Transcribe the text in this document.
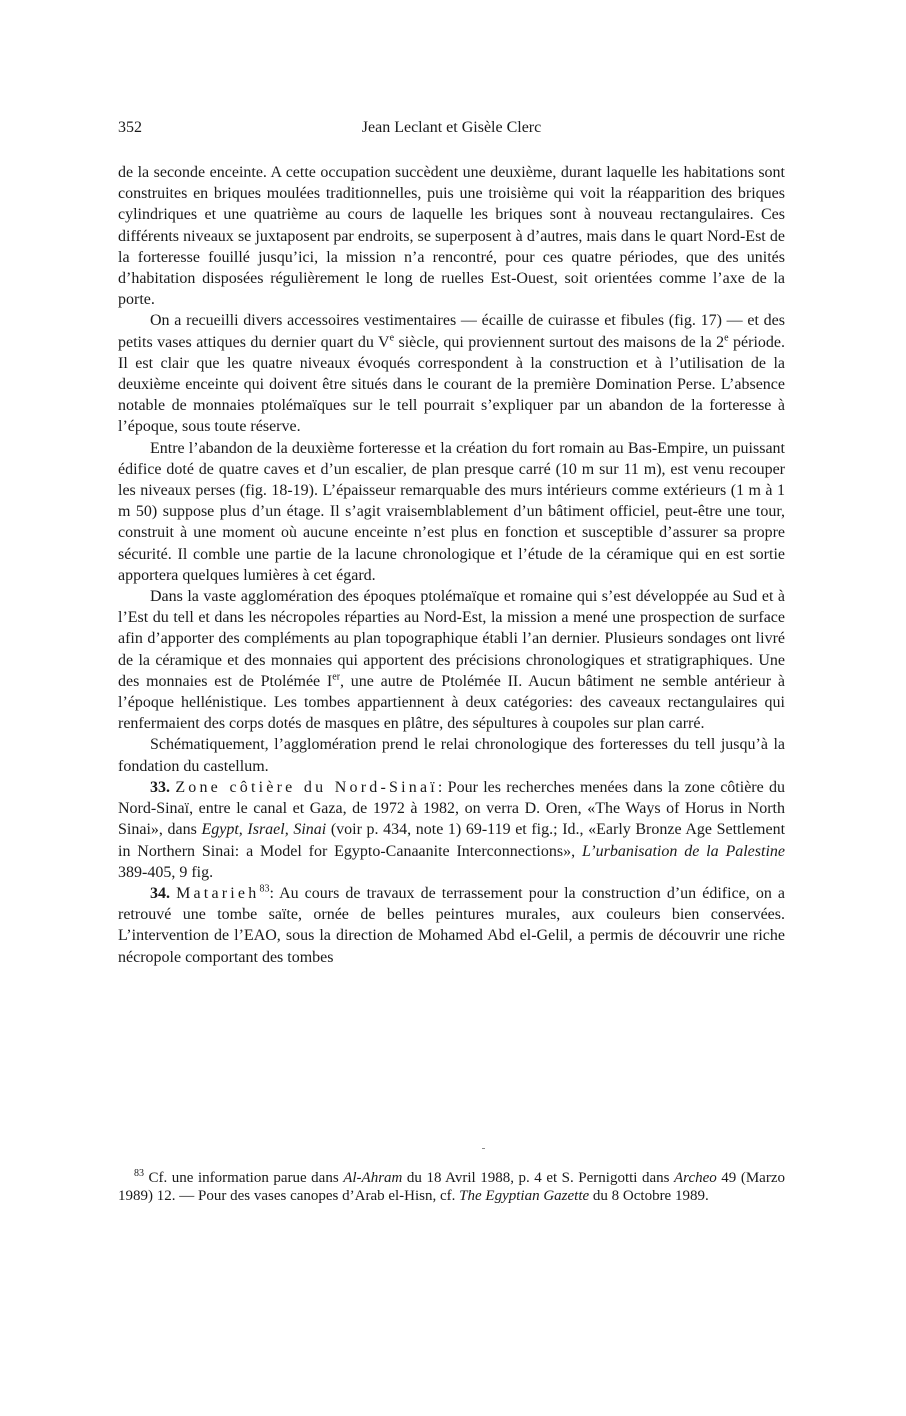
352	Jean Leclant et Gisèle Clerc

de la seconde enceinte. A cette occupation succèdent une deuxième, durant laquelle les habitations sont construites en briques moulées traditionnelles, puis une troisième qui voit la réapparition des briques cylindriques et une quatrième au cours de laquelle les briques sont à nouveau rectangulaires. Ces différents niveaux se juxtaposent par endroits, se superposent à d’autres, mais dans le quart Nord-Est de la forteresse fouillé jusqu’ici, la mission n’a rencontré, pour ces quatre périodes, que des unités d’habitation disposées régulièrement le long de ruelles Est-Ouest, soit orientées comme l’axe de la porte.

On a recueilli divers accessoires vestimentaires — écaille de cuirasse et fibules (fig. 17) — et des petits vases attiques du dernier quart du Ve siècle, qui proviennent surtout des maisons de la 2e période. Il est clair que les quatre niveaux évoqués correspondent à la construction et à l’utilisation de la deuxième enceinte qui doivent être situés dans le courant de la première Domination Perse. L’absence notable de monnaies ptolémaïques sur le tell pourrait s’expliquer par un abandon de la forteresse à l’époque, sous toute réserve.

Entre l’abandon de la deuxième forteresse et la création du fort romain au Bas-Empire, un puissant édifice doté de quatre caves et d’un escalier, de plan presque carré (10 m sur 11 m), est venu recouper les niveaux perses (fig. 18-19). L’épaisseur remarquable des murs intérieurs comme extérieurs (1 m à 1 m 50) suppose plus d’un étage. Il s’agit vraisemblablement d’un bâtiment officiel, peut-être une tour, construit à une moment où aucune enceinte n’est plus en fonction et susceptible d’assurer sa propre sécurité. Il comble une partie de la lacune chronologique et l’étude de la céramique qui en est sortie apportera quelques lumières à cet égard.

Dans la vaste agglomération des époques ptolémaïque et romaine qui s’est développée au Sud et à l’Est du tell et dans les nécropoles réparties au Nord-Est, la mission a mené une prospection de surface afin d’apporter des compléments au plan topographique établi l’an dernier. Plusieurs sondages ont livré de la céramique et des monnaies qui apportent des précisions chronologiques et stratigraphiques. Une des monnaies est de Ptolémée Ier, une autre de Ptolémée II. Aucun bâtiment ne semble antérieur à l’époque hellénistique. Les tombes appartiennent à deux catégories: des caveaux rectangulaires qui renfermaient des corps dotés de masques en plâtre, des sépultures à coupoles sur plan carré.

Schématiquement, l’agglomération prend le relai chronologique des forteresses du tell jusqu’à la fondation du castellum.

33. Zone côtière du Nord-Sinaï: Pour les recherches menées dans la zone côtière du Nord-Sinaï, entre le canal et Gaza, de 1972 à 1982, on verra D. Oren, «The Ways of Horus in North Sinai», dans Egypt, Israel, Sinai (voir p. 434, note 1) 69-119 et fig.; Id., «Early Bronze Age Settlement in Northern Sinai: a Model for Egypto-Canaanite Interconnections», L’urbanisation de la Palestine 389-405, 9 fig.

34. Matarieh$^{83}$: Au cours de travaux de terrassement pour la construction d’un édifice, on a retrouvé une tombe saïte, ornée de belles peintures murales, aux couleurs bien conservées. L’intervention de l’EAO, sous la direction de Mohamed Abd el-Gelil, a permis de découvrir une riche nécropole comportant des tombes

$^{83}$ Cf. une information parue dans Al-Ahram du 18 Avril 1988, p. 4 et S. Pernigotti dans Archeo 49 (Marzo 1989) 12. — Pour des vases canopes d’Arab el-Hisn, cf. The Egyptian Gazette du 8 Octobre 1989.
